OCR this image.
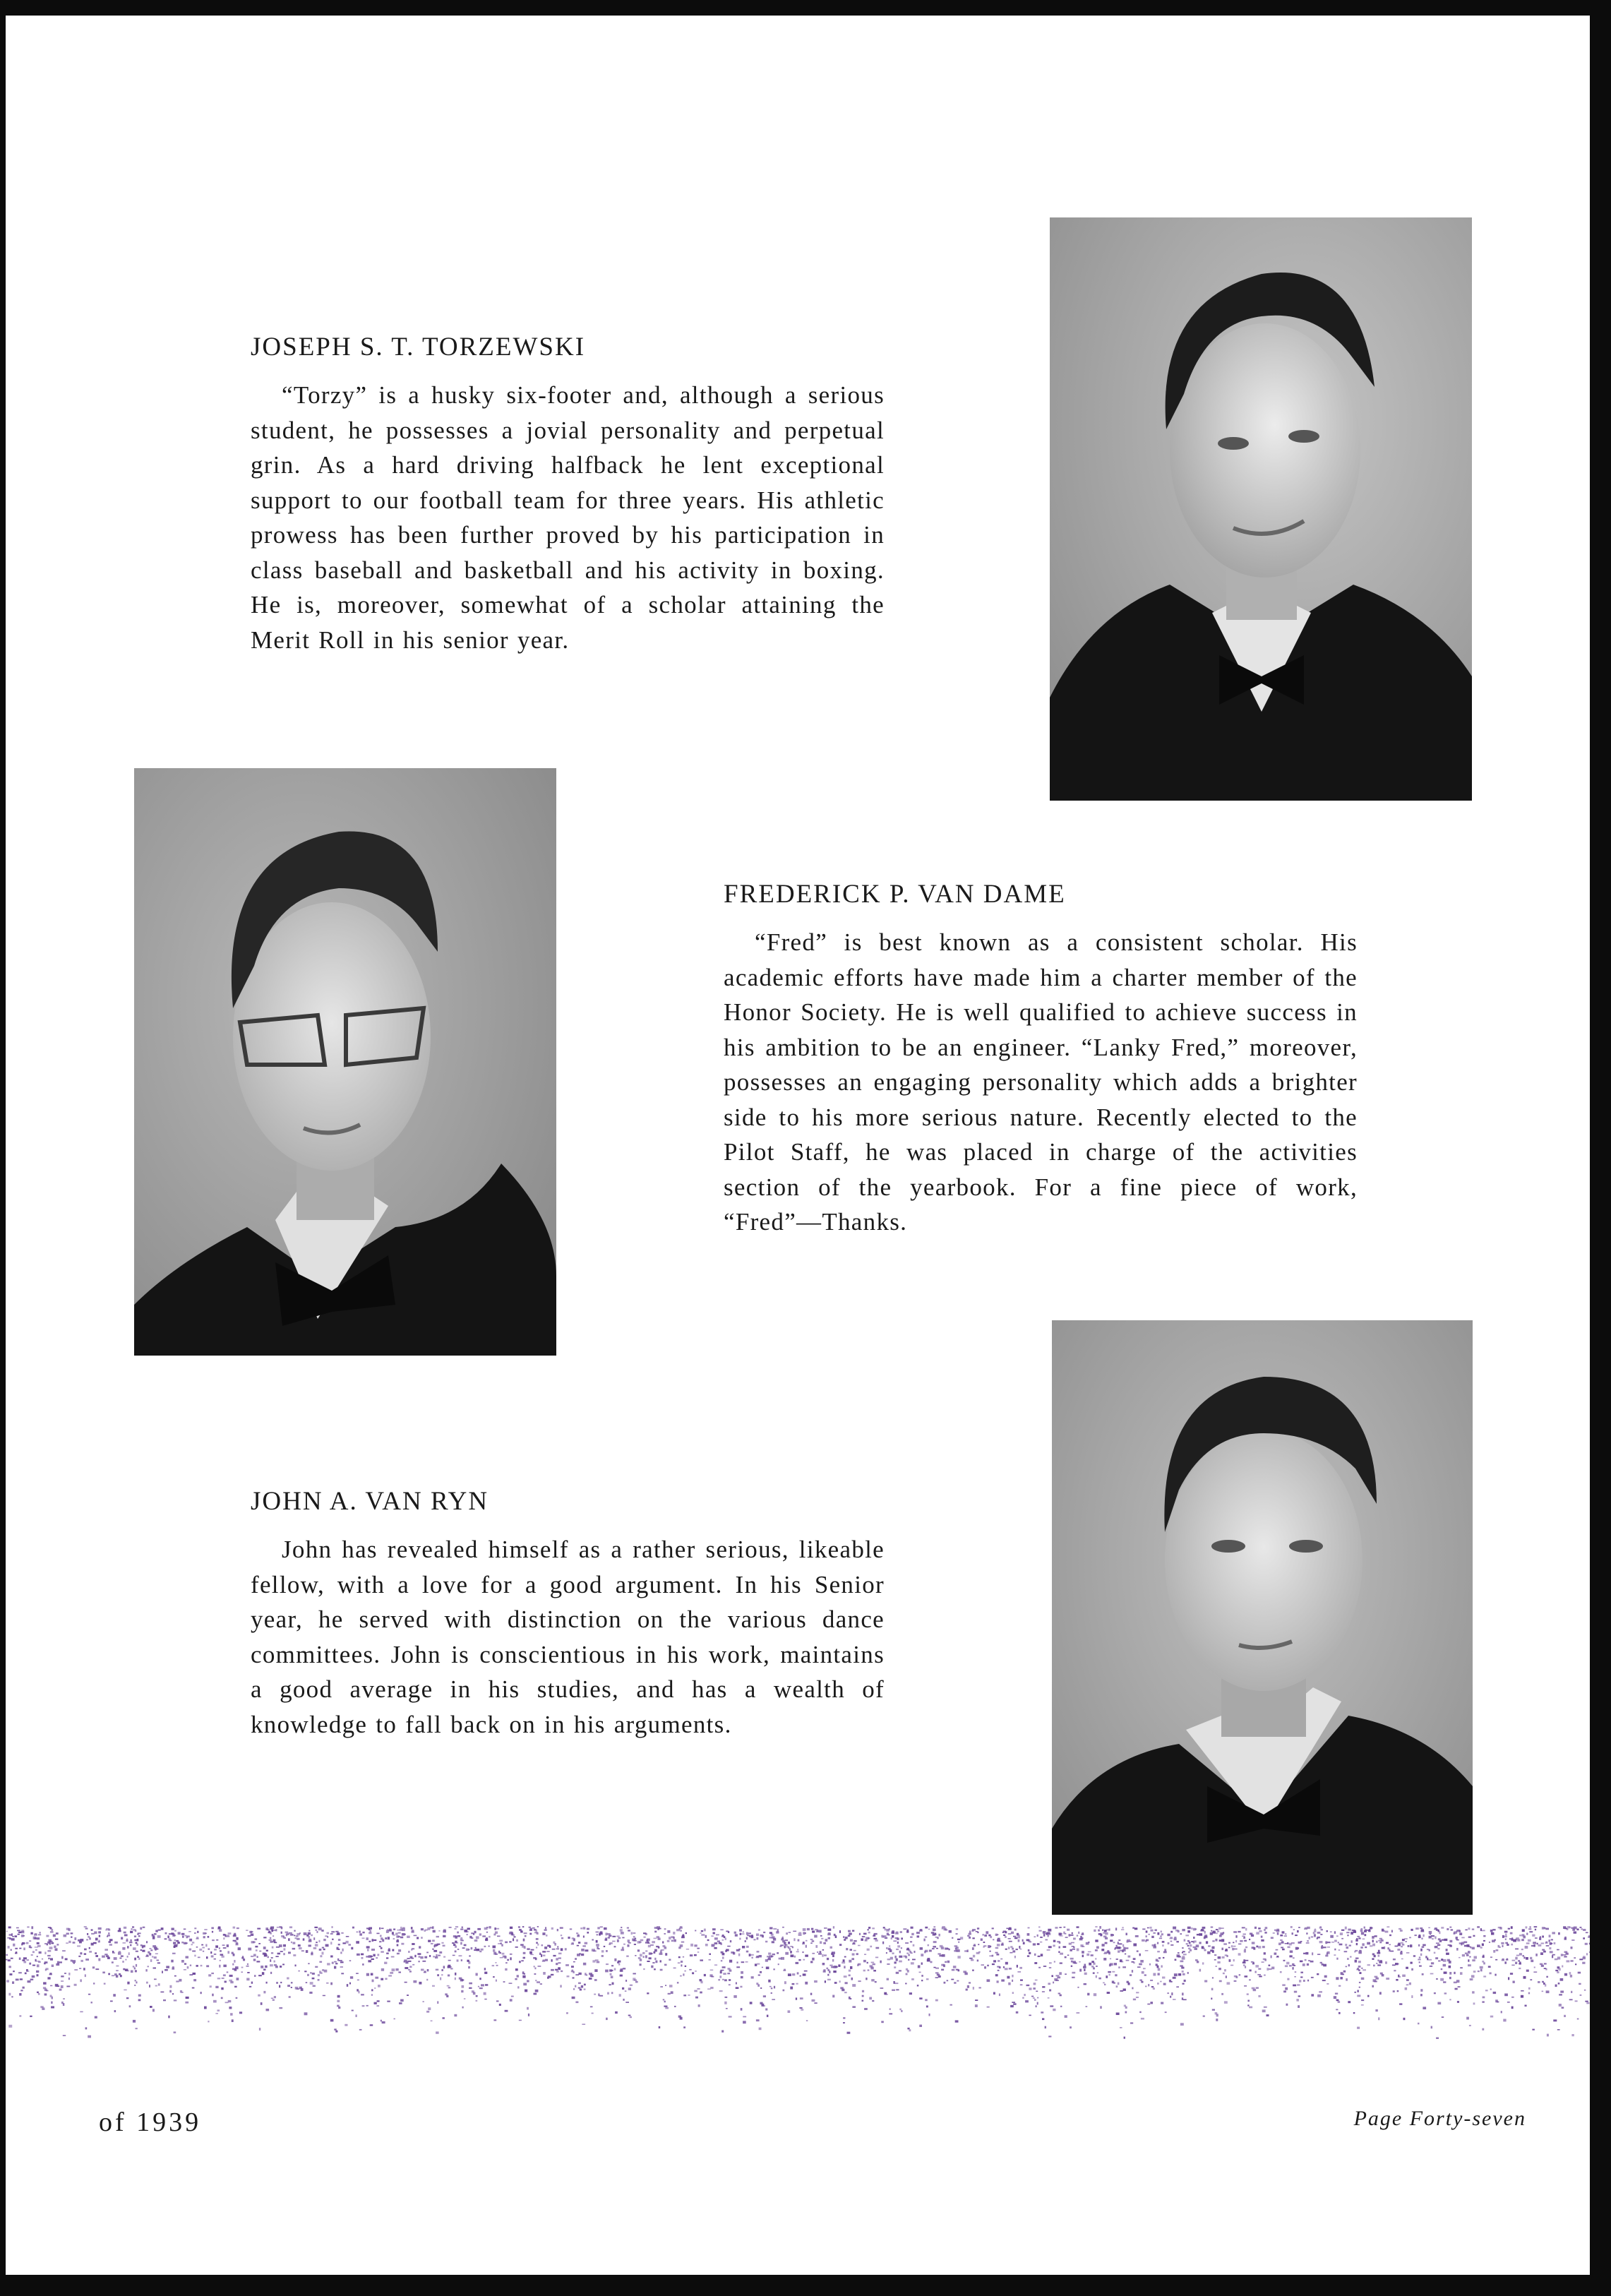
JOSEPH S. T. TORZEWSKI

“Torzy” is a husky six-footer and, although a serious student, he possesses a jovial personality and perpetual grin. As a hard driving halfback he lent exceptional support to our football team for three years. His athletic prowess has been further proved by his participation in class baseball and basketball and his activity in boxing. He is, moreover, somewhat of a scholar attaining the Merit Roll in his senior year.

FREDERICK P. VAN DAME

“Fred” is best known as a consistent scholar. His academic efforts have made him a charter member of the Honor Society. He is well qualified to achieve success in his ambition to be an engineer. “Lanky Fred,” moreover, possesses an engaging personality which adds a brighter side to his more serious nature. Recently elected to the Pilot Staff, he was placed in charge of the activities section of the yearbook. For a fine piece of work, “Fred”—Thanks.

JOHN A. VAN RYN

John has revealed himself as a rather serious, likeable fellow, with a love for a good argument. In his Senior year, he served with distinction on the various dance committees. John is conscientious in his work, maintains a good average in his studies, and has a wealth of knowledge to fall back on in his arguments.

of 1939	Page Forty-seven
